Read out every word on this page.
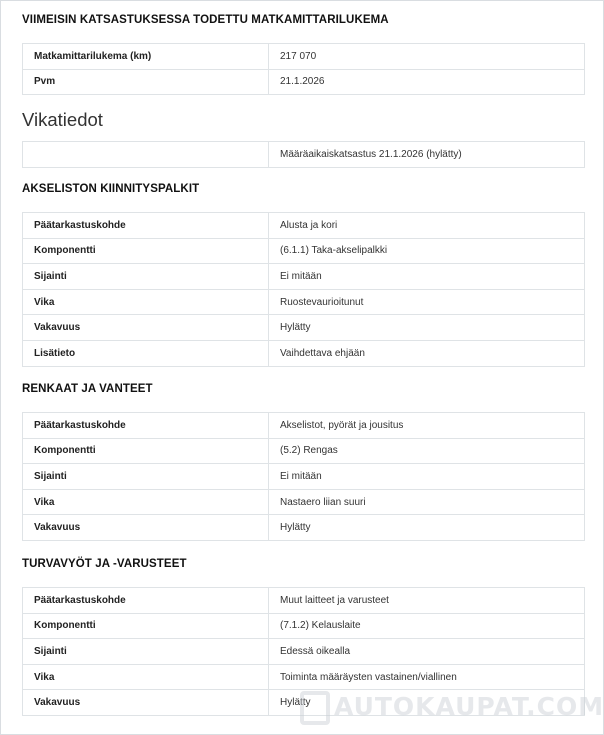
VIIMEISIN KATSASTUKSESSA TODETTU MATKAMITTARILUKEMA
Matkamittarilukema (km)	217 070
Pvm	21.1.2026
Vikatiedot
	Määräaikaiskatsastus 21.1.2026 (hylätty)
AKSELISTON KIINNITYSPALKIT
Päätarkastuskohde	Alusta ja kori
Komponentti	(6.1.1) Taka-akselipalkki
Sijainti	Ei mitään
Vika	Ruostevaurioitunut
Vakavuus	Hylätty
Lisätieto	Vaihdettava ehjään
RENKAAT JA VANTEET
Päätarkastuskohde	Akselistot, pyörät ja jousitus
Komponentti	(5.2) Rengas
Sijainti	Ei mitään
Vika	Nastaero liian suuri
Vakavuus	Hylätty
TURVAVYÖT JA -VARUSTEET
Päätarkastuskohde	Muut laitteet ja varusteet
Komponentti	(7.1.2) Kelauslaite
Sijainti	Edessä oikealla
Vika	Toiminta määräysten vastainen/viallinen
Vakavuus	Hylätty AUTOKAUPAT.COM
